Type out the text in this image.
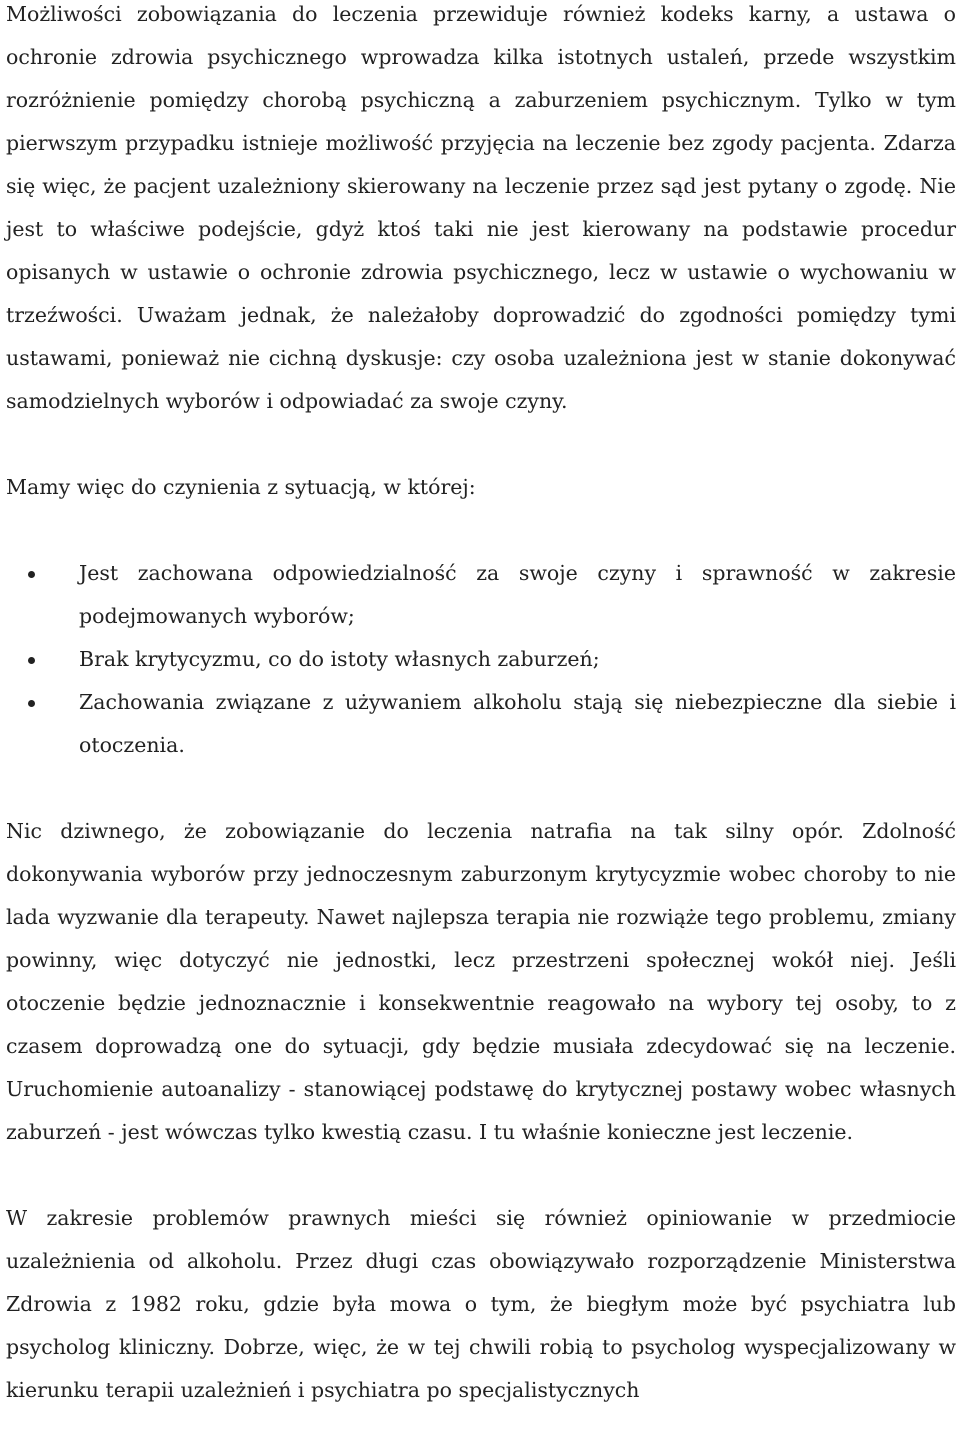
Możliwości zobowiązania do leczenia przewiduje również kodeks karny, a ustawa o ochronie zdrowia psychicznego wprowadza kilka istotnych ustaleń, przede wszystkim rozróżnienie pomiędzy chorobą psychiczną a zaburzeniem psychicznym. Tylko w tym pierwszym przypadku istnieje możliwość przyjęcia na leczenie bez zgody pacjenta. Zdarza się więc, że pacjent uzależniony skierowany na leczenie przez sąd jest pytany o zgodę. Nie jest to właściwe podejście, gdyż ktoś taki nie jest kierowany na podstawie procedur opisanych w ustawie o ochronie zdrowia psychicznego, lecz w ustawie o wychowaniu w trzeźwości. Uważam jednak, że należałoby doprowadzić do zgodności pomiędzy tymi ustawami, ponieważ nie cichną dyskusje: czy osoba uzależniona jest w stanie dokonywać samodzielnych wyborów i odpowiadać za swoje czyny.

Mamy więc do czynienia z sytuacją, w której:

Jest zachowana odpowiedzialność za swoje czyny i sprawność w zakresie podejmowanych wyborów;
Brak krytycyzmu, co do istoty własnych zaburzeń;
Zachowania związane z używaniem alkoholu stają się niebezpieczne dla siebie i otoczenia.

Nic dziwnego, że zobowiązanie do leczenia natrafia na tak silny opór. Zdolność dokonywania wyborów przy jednoczesnym zaburzonym krytycyzmie wobec choroby to nie lada wyzwanie dla terapeuty. Nawet najlepsza terapia nie rozwiąże tego problemu, zmiany powinny, więc dotyczyć nie jednostki, lecz przestrzeni społecznej wokół niej. Jeśli otoczenie będzie jednoznacznie i konsekwentnie reagowało na wybory tej osoby, to z czasem doprowadzą one do sytuacji, gdy będzie musiała zdecydować się na leczenie. Uruchomienie autoanalizy - stanowiącej podstawę do krytycznej postawy wobec własnych zaburzeń - jest wówczas tylko kwestią czasu. I tu właśnie konieczne jest leczenie.

W zakresie problemów prawnych mieści się również opiniowanie w przedmiocie uzależnienia od alkoholu. Przez długi czas obowiązywało rozporządzenie Ministerstwa Zdrowia z 1982 roku, gdzie była mowa o tym, że biegłym może być psychiatra lub psycholog kliniczny. Dobrze, więc, że w tej chwili robią to psycholog wyspecjalizowany w kierunku terapii uzależnień i psychiatra po specjalistycznych
